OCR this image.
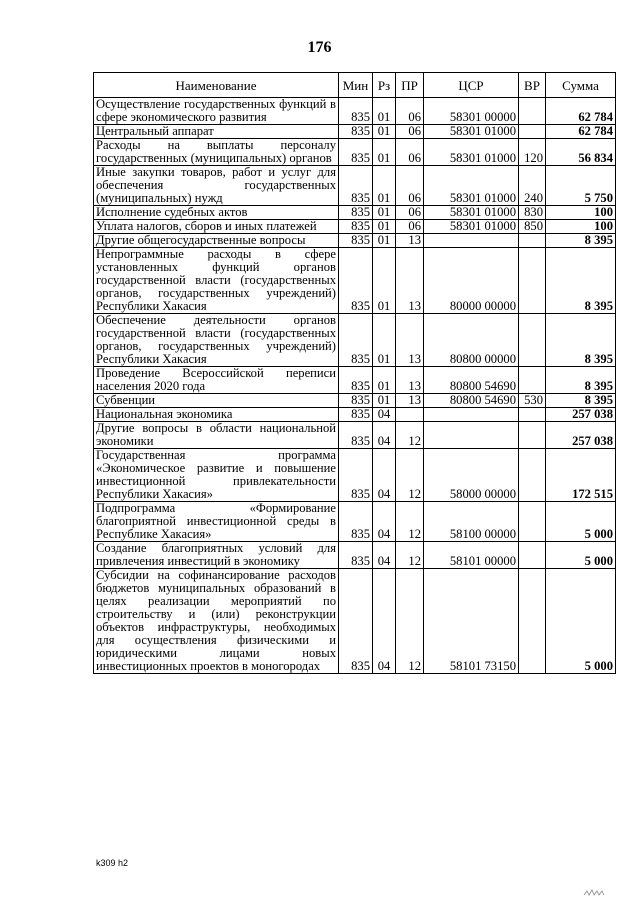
176
Наименование	Мин	Рз	ПР	ЦСР	ВР	Сумма
Осуществление государственных функций в сфере экономического развития	835	01	06	58301 00000		62 784
Центральный аппарат	835	01	06	58301 01000		62 784
Расходы на выплаты персоналу государственных (муниципальных) органов	835	01	06	58301 01000	120	56 834
Иные закупки товаров, работ и услуг для обеспечения государственных (муниципальных) нужд	835	01	06	58301 01000	240	5 750
Исполнение судебных актов	835	01	06	58301 01000	830	100
Уплата налогов, сборов и иных платежей	835	01	06	58301 01000	850	100
Другие общегосударственные вопросы	835	01	13			8 395
Непрограммные расходы в сфере установленных функций органов государственной власти (государственных органов, государственных учреждений) Республики Хакасия	835	01	13	80000 00000		8 395
Обеспечение деятельности органов государственной власти (государственных органов, государственных учреждений) Республики Хакасия	835	01	13	80800 00000		8 395
Проведение Всероссийской переписи населения 2020 года	835	01	13	80800 54690		8 395
Субвенции	835	01	13	80800 54690	530	8 395
Национальная экономика	835	04				257 038
Другие вопросы в области национальной экономики	835	04	12			257 038
Государственная программа «Экономическое развитие и повышение инвестиционной привлекательности Республики Хакасия»	835	04	12	58000 00000		172 515
Подпрограмма «Формирование благоприятной инвестиционной среды в Республике Хакасия»	835	04	12	58100 00000		5 000
Создание благоприятных условий для привлечения инвестиций в экономику	835	04	12	58101 00000		5 000
Субсидии на софинансирование расходов бюджетов муниципальных образований в целях реализации мероприятий по строительству и (или) реконструкции объектов инфраструктуры, необходимых для осуществления физическими и юридическими лицами новых инвестиционных проектов в моногородах	835	04	12	58101 73150		5 000
k309 h2
